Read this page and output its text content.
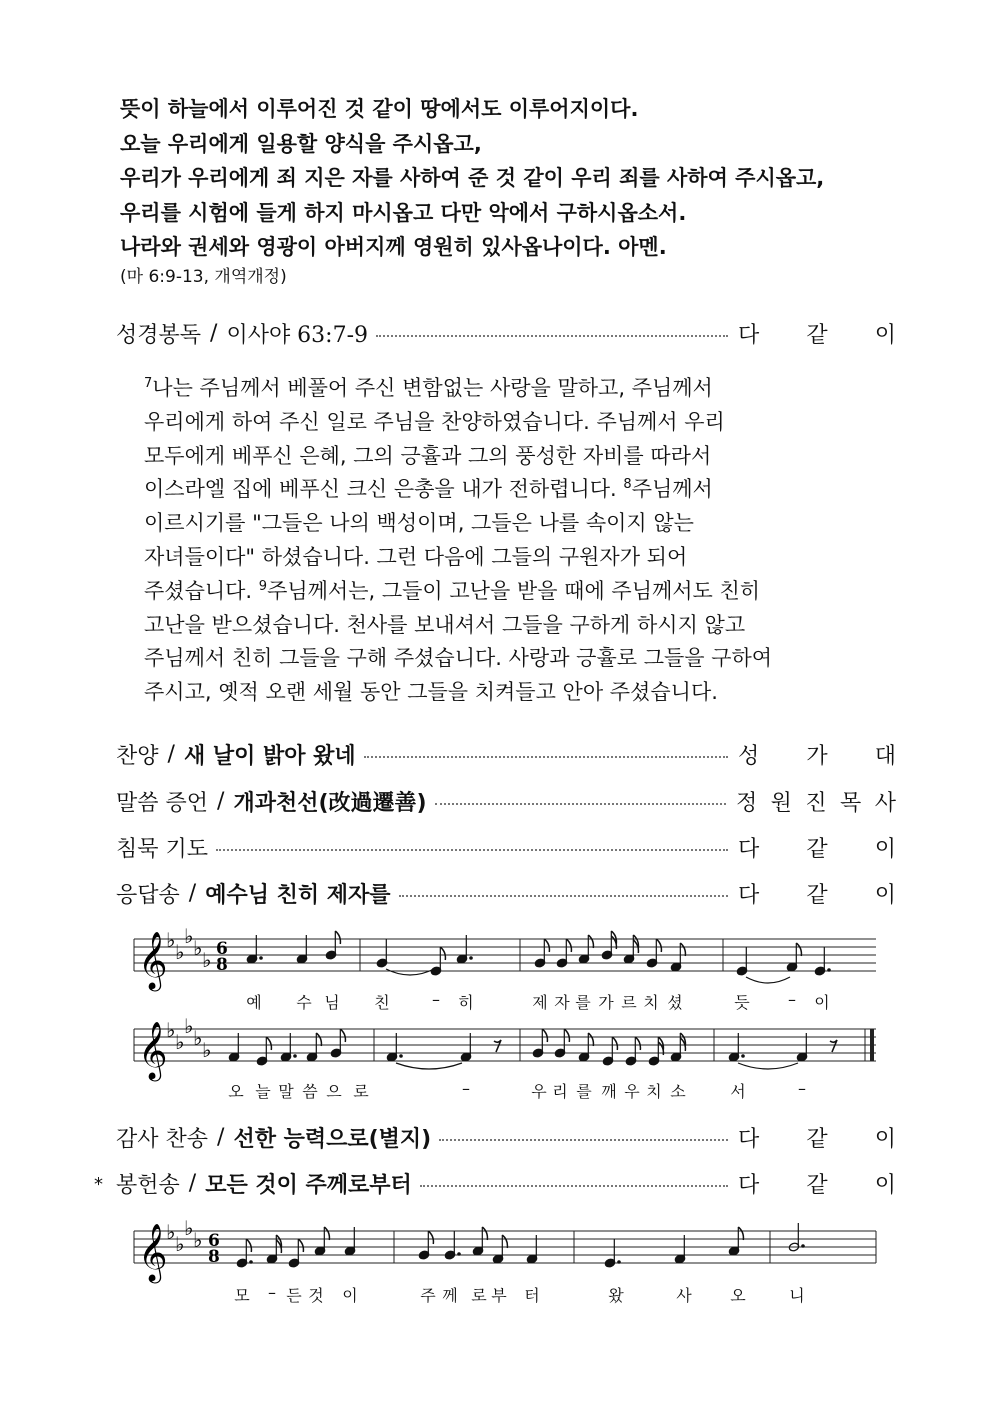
뜻이 하늘에서 이루어진 것 같이 땅에서도 이루어지이다.
오늘 우리에게 일용할 양식을 주시옵고,
우리가 우리에게 죄 지은 자를 사하여 준 것 같이 우리 죄를 사하여 주시옵고,
우리를 시험에 들게 하지 마시옵고 다만 악에서 구하시옵소서.
나라와 권세와 영광이 아버지께 영원히 있사옵나이다. 아멘.
(마 6:9-13, 개역개정)
성경봉독 / 이사야 63:7-9	다 같 이
$^7$나는 주님께서 베풀어 주신 변함없는 사랑을 말하고, 주님께서
우리에게 하여 주신 일로 주님을 찬양하였습니다. 주님께서 우리
모두에게 베푸신 은혜, 그의 긍휼과 그의 풍성한 자비를 따라서
이스라엘 집에 베푸신 크신 은총을 내가 전하렵니다. $^8$주님께서
이르시기를 "그들은 나의 백성이며, 그들은 나를 속이지 않는
자녀들이다" 하셨습니다. 그런 다음에 그들의 구원자가 되어
주셨습니다. $^9$주님께서는, 그들이 고난을 받을 때에 주님께서도 친히
고난을 받으셨습니다. 천사를 보내셔서 그들을 구하게 하시지 않고
주님께서 친히 그들을 구해 주셨습니다. 사랑과 긍휼로 그들을 구하여
주시고, 옛적 오랜 세월 동안 그들을 치켜들고 안아 주셨습니다.
찬양 / 새 날이 밝아 왔네	성 가 대
말씀 증언 / 개과천선(改過遷善)	정 원 진 목 사
침묵 기도	다 같 이
응답송 / 예수님 친히 제자를	다 같 이
𝄞
♭ ♭
♭ ♭ ♭ 6
8
예 수 님 친	– 히	제 자 를 가 르 치 셨	듯 – 이
𝄞
♭ ♭
♭ ♭ ♭
오 늘 말 씀 으 로	–	우 리 를 깨 우 치 소	서	–
감사 찬송 / 선한 능력으로(별지)	다 같 이
* 봉헌송 / 모든 것이 주께로부터	다 같 이
𝄞
♭ ♭
♭ ♭ 6
8
모 – 든 것 이	주 께 로 부 터	왔	사 오	니
